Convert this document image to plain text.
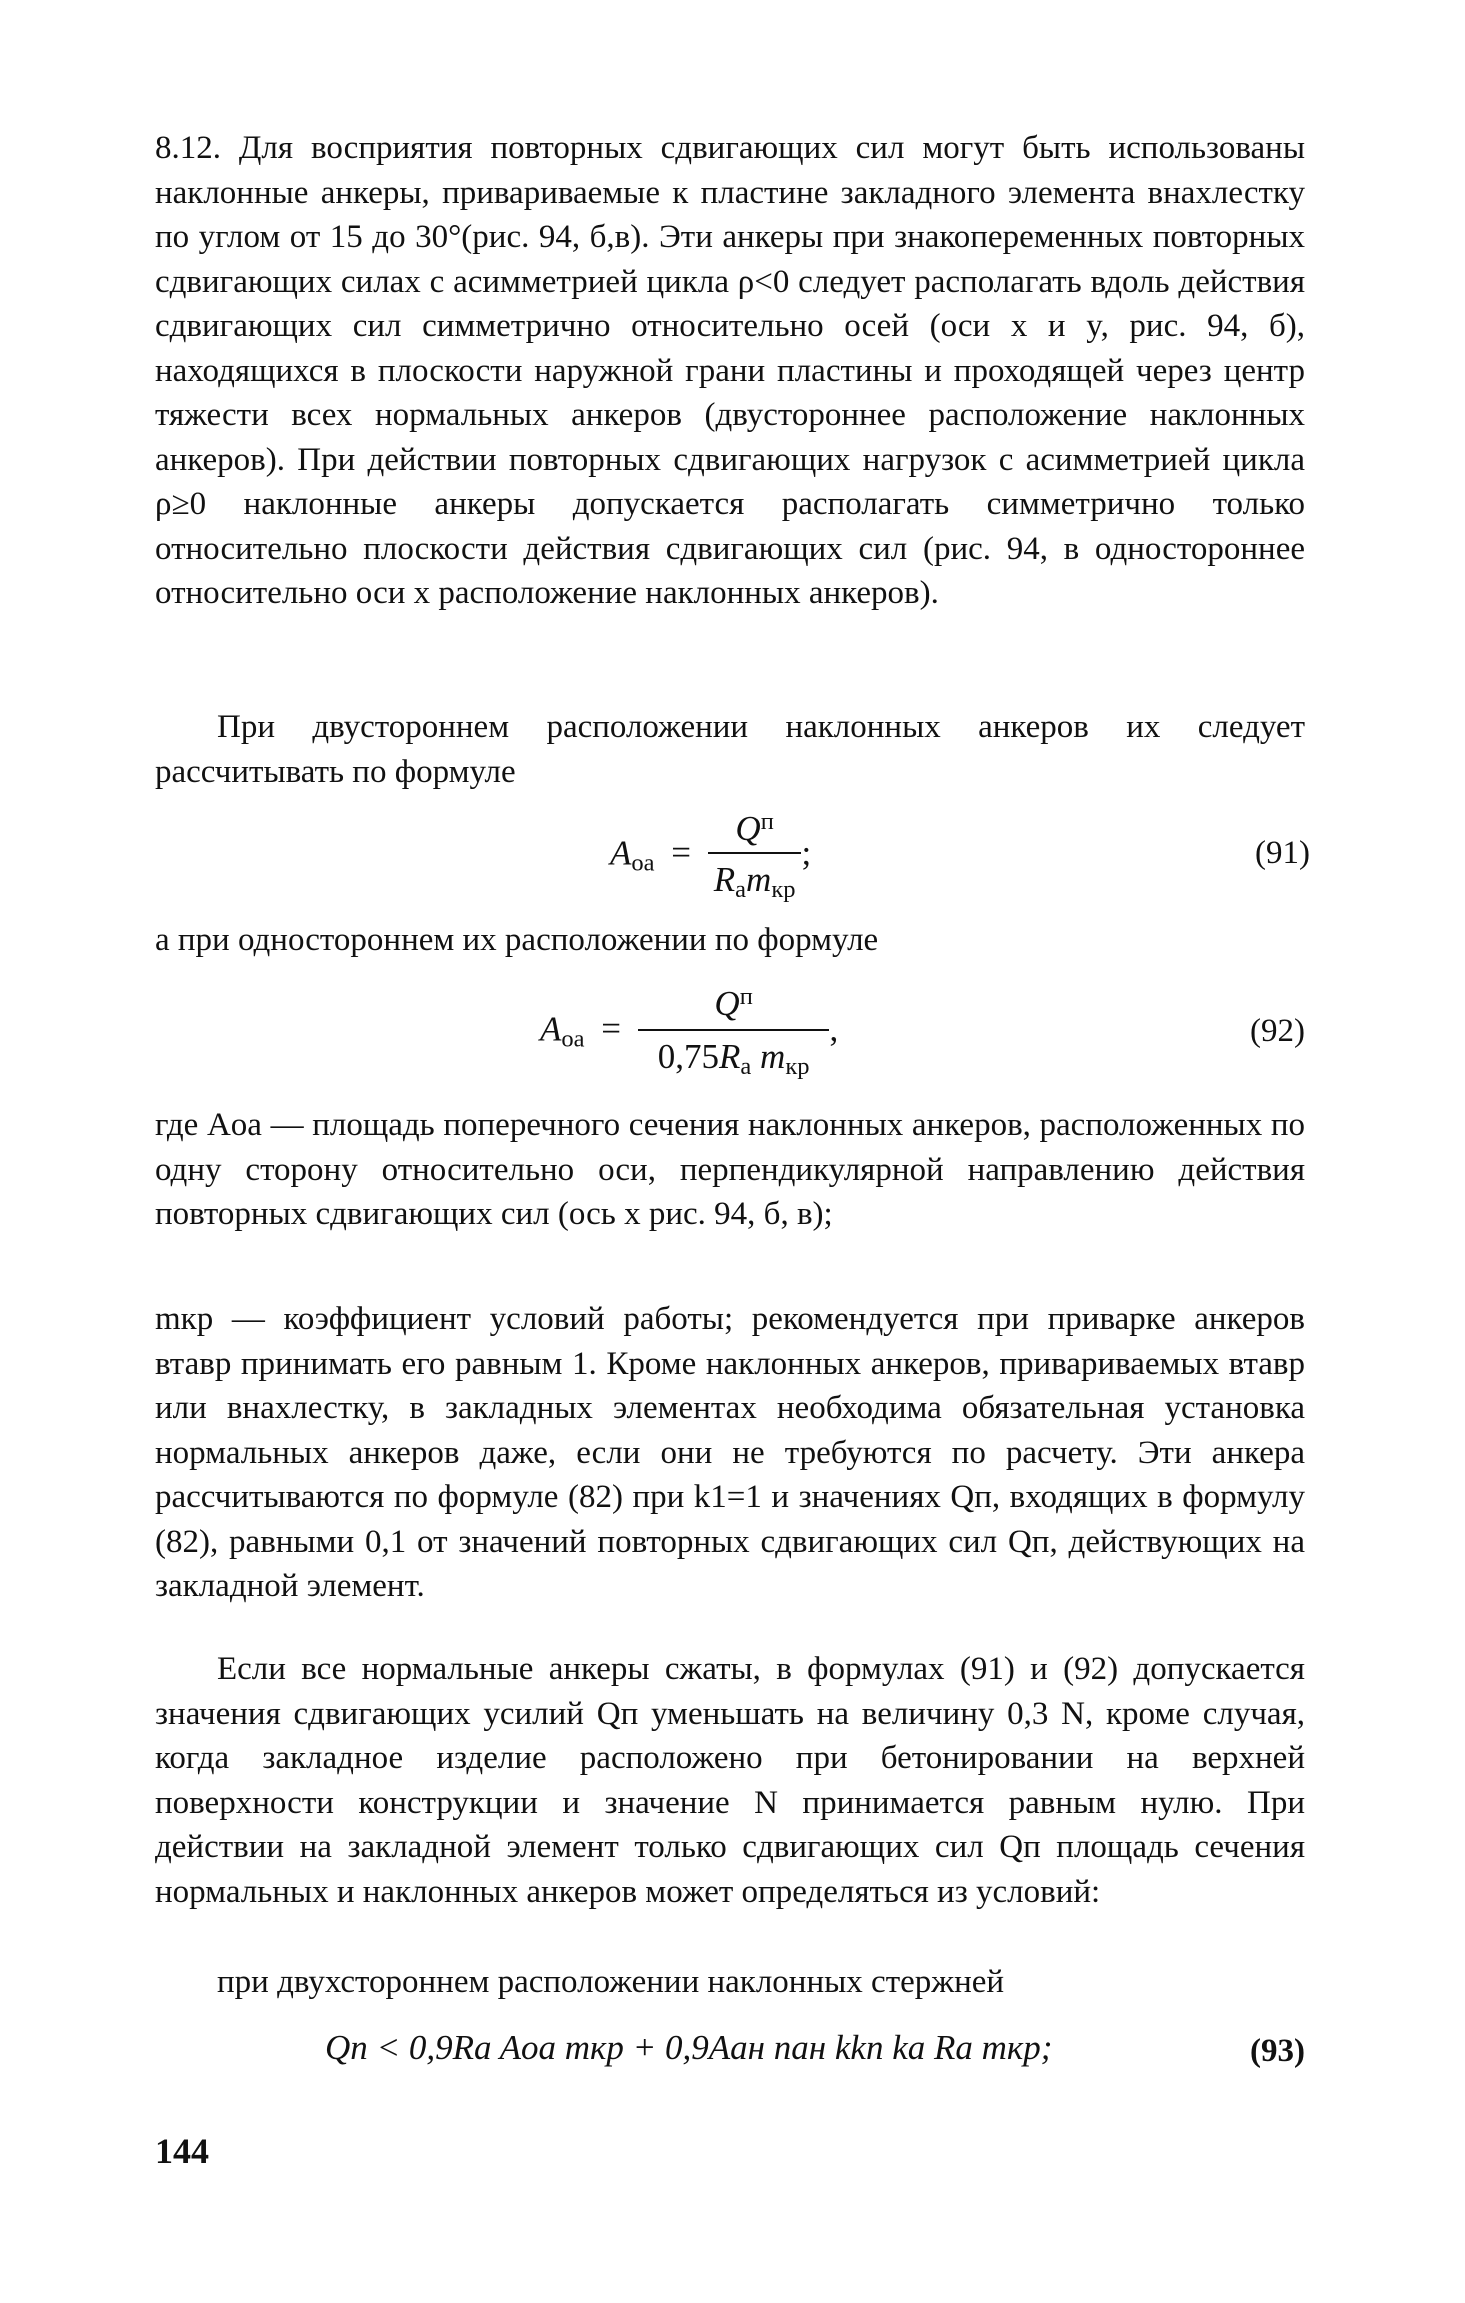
8.12. Для восприятия повторных сдвигающих сил могут быть использованы наклонные анкеры, привариваемые к пластине закладного элемента внахлестку по углом от 15 до 30°(рис. 94, б,в). Эти анкеры при знакопеременных повторных сдвигающих силах с асимметрией цикла ρ<0 следует располагать вдоль действия сдвигающих сил симметрично относительно осей (оси x и y, рис. 94, б), находящихся в плоскости наружной грани пластины и проходящей через центр тяжести всех нормальных анкеров (двустороннее расположение наклонных анкеров). При действии повторных сдвигающих нагрузок с асимметрией цикла ρ≥0 наклонные анкеры допускается располагать симметрично только относительно плоскости действия сдвигающих сил (рис. 94, в одностороннее относительно оси x расположение наклонных анкеров).

При двустороннем расположении наклонных анкеров их следует рассчитывать по формуле

$A_{oa} = \frac{Q^п}{R_am_{кр}}$ ;	(91)

а при одностороннем их расположении по формуле

$A_{oa} = \frac{Q^п}{0,75R_a m_{кр}}$ ,	(92)

где Aoa — площадь поперечного сечения наклонных анкеров, расположенных по одну сторону относительно оси, перпендикулярной направлению действия повторных сдвигающих сил (ось x рис. 94, б, в);

mкр — коэффициент условий работы; рекомендуется при приварке анкеров втавр принимать его равным 1. Кроме наклонных анкеров, привариваемых втавр или внахлестку, в закладных элементах необходима обязательная установка нормальных анкеров даже, если они не требуются по расчету. Эти анкера рассчитываются по формуле (82) при k1=1 и значениях Qп, входящих в формулу (82), равными 0,1 от значений повторных сдвигающих сил Qп, действующих на закладной элемент.

Если все нормальные анкеры сжаты, в формулах (91) и (92) допускается значения сдвигающих усилий Qп уменьшать на величину 0,3 N, кроме случая, когда закладное изделие расположено при бетонировании на верхней поверхности конструкции и значение N принимается равным нулю. При действии на закладной элемент только сдвигающих сил Qп площадь сечения нормальных и наклонных анкеров может определяться из условий:

при двухстороннем расположении наклонных стержней

Qп < 0,9Ra Aoa mкр + 0,9Aан nан kkп ka Ra mкр;	(93)
144
